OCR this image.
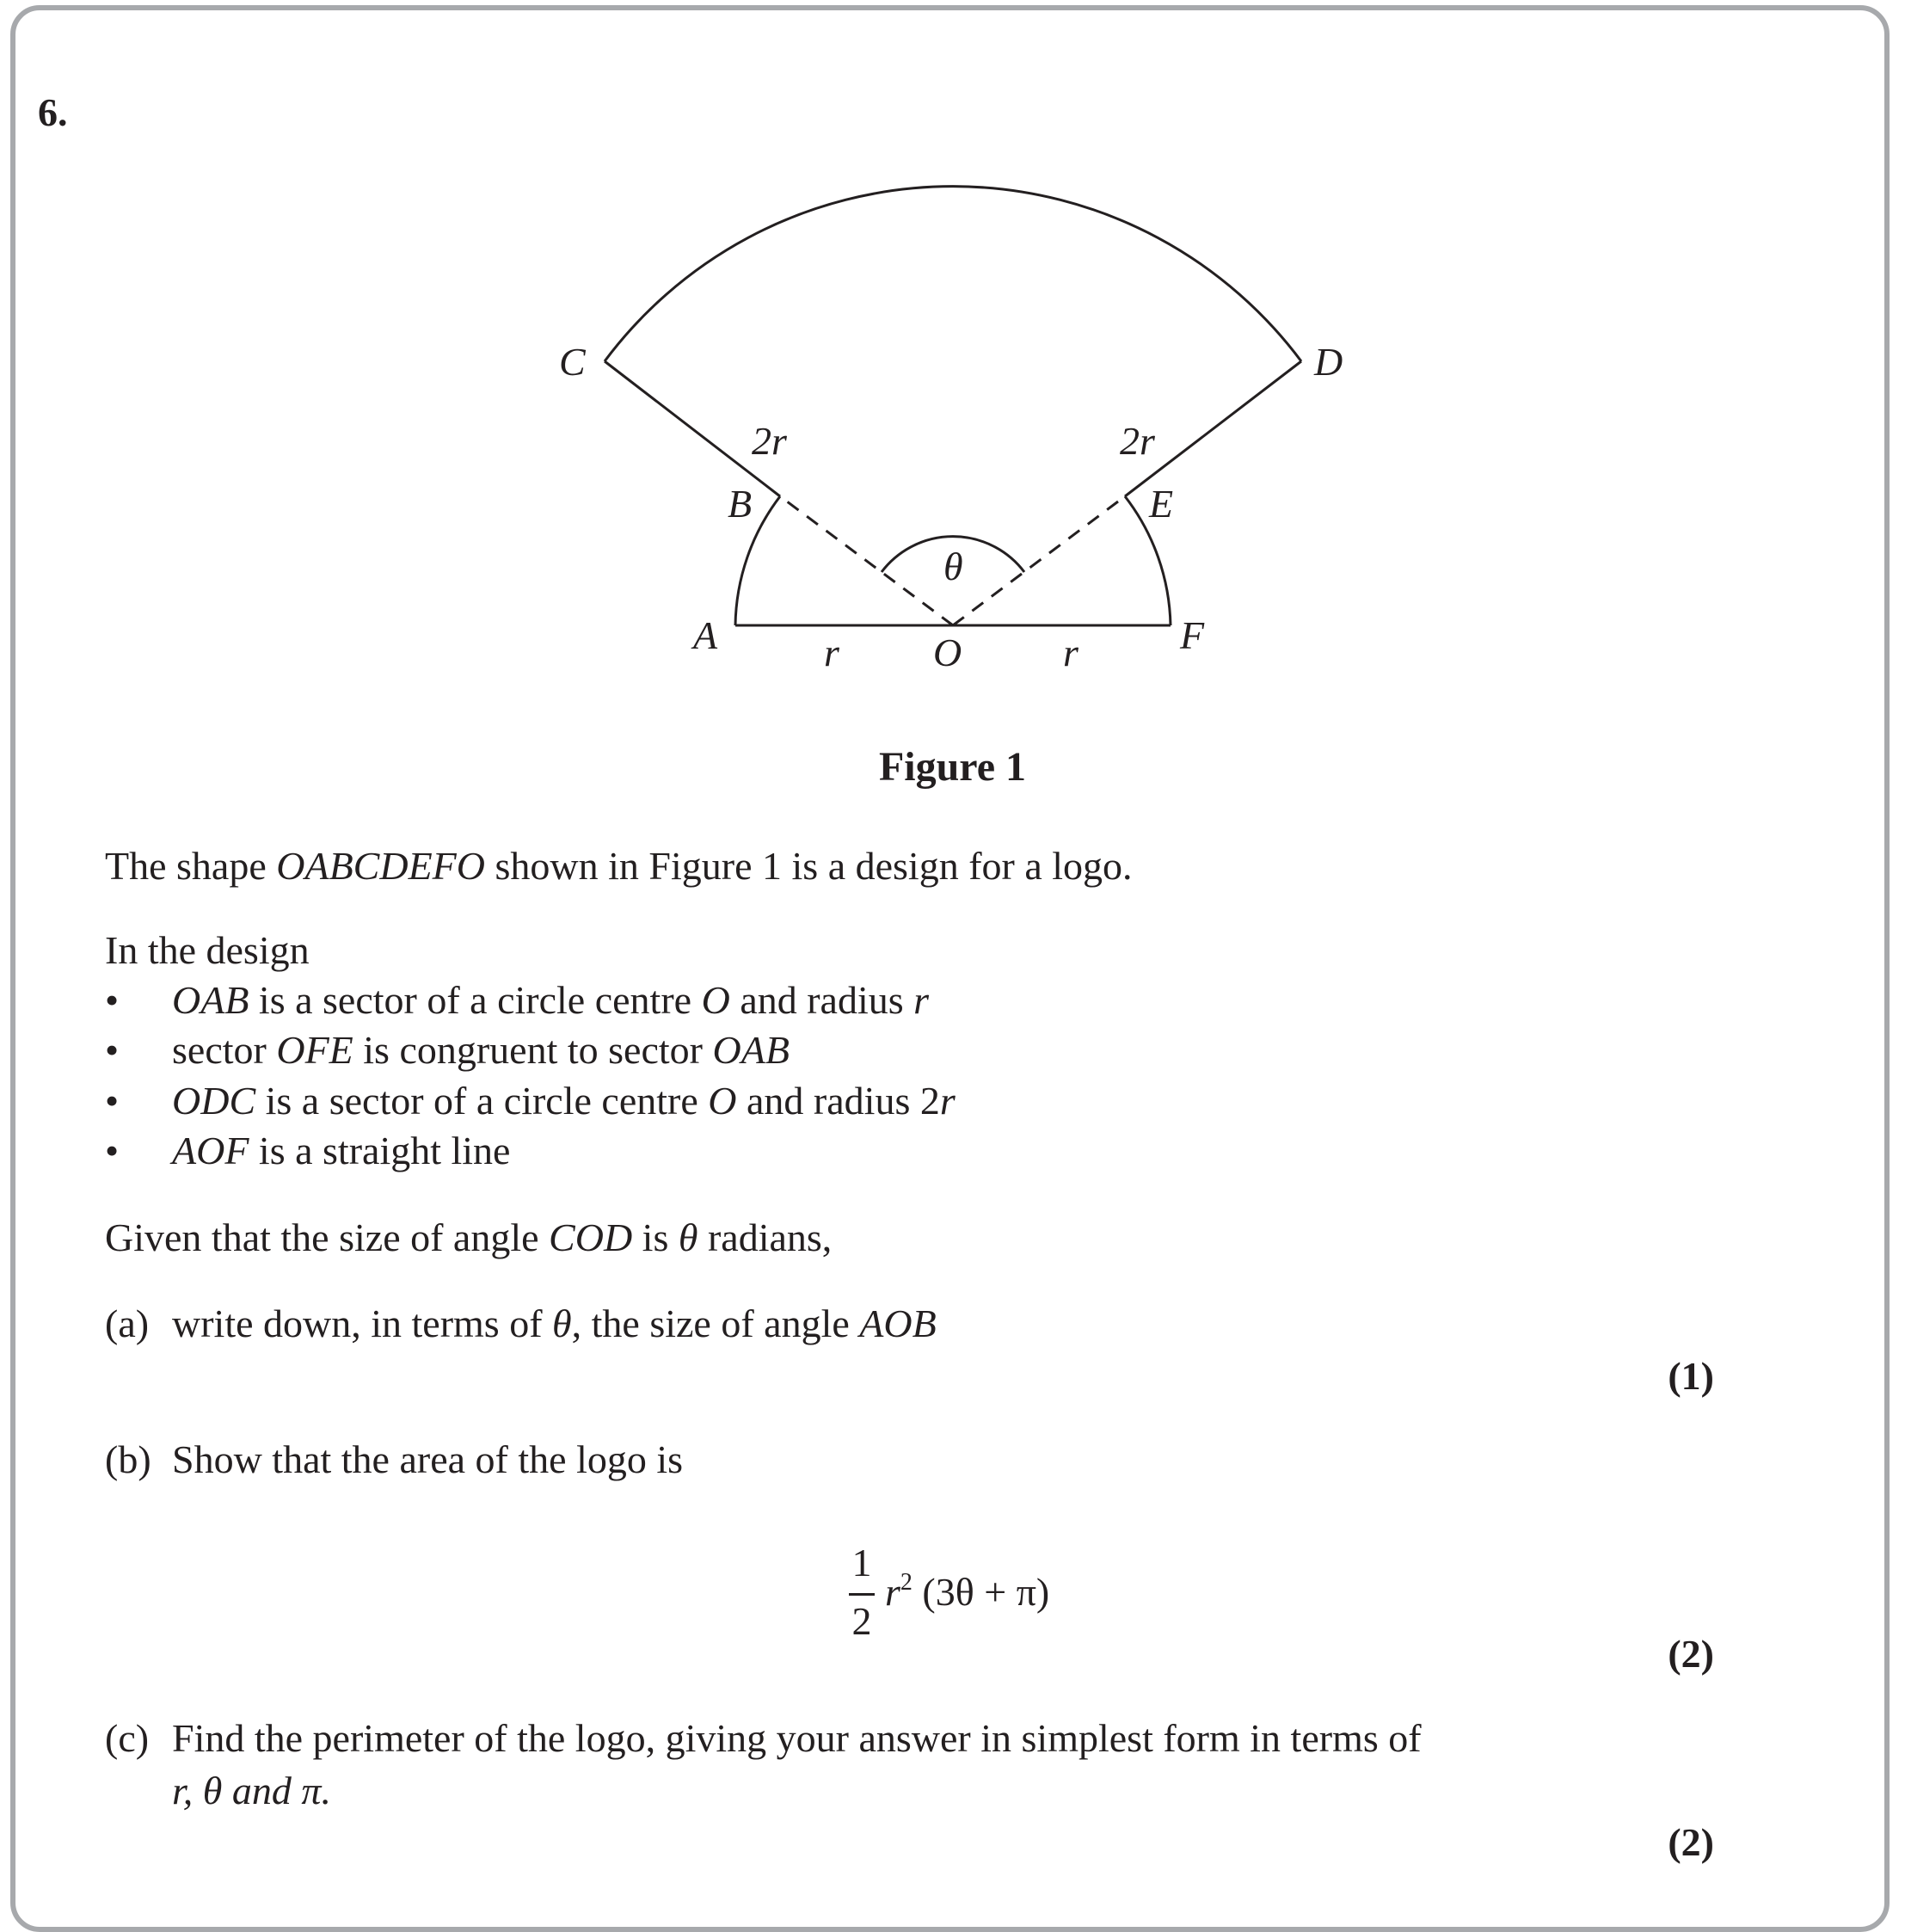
6.
C	D
2r	2r
B	E
θ
A	F
r O	r
Figure 1
The shape OABCDEFO shown in Figure 1 is a design for a logo.
In the design
• OAB is a sector of a circle centre O and radius r
• sector OFE is congruent to sector OAB
• ODC is a sector of a circle centre O and radius 2r
• AOF is a straight line
Given that the size of angle COD is θ radians,
(a) write down, in terms of θ, the size of angle AOB
(1)
(b) Show that the area of the logo is
1
2
$r^2$ (3θ + π)
(2)
(c) Find the perimeter of the logo, giving your answer in simplest form in terms of
r, θ and π.
(2)
